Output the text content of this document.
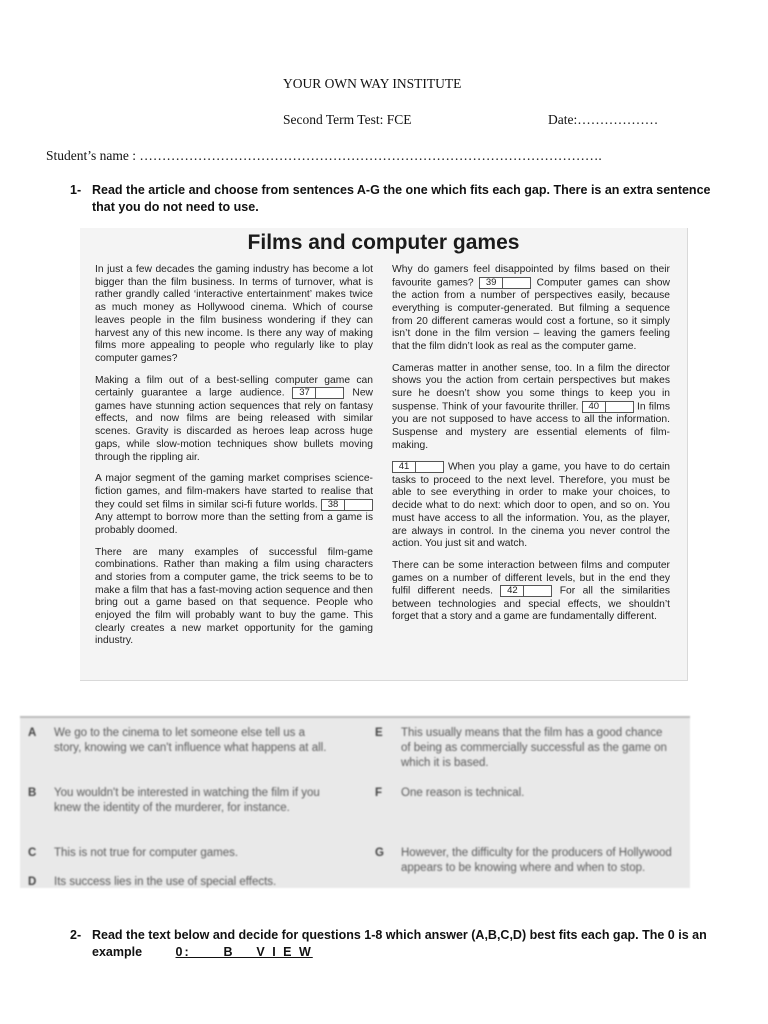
YOUR OWN WAY INSTITUTE
Second Term Test: FCE	Date:………………
Student’s name : ………………………………………………………………………………………….
1- Read the article and choose from sentences A-G the one which fits each gap. There is an extra sentence that you do not need to use.
Films and computer games

In just a few decades the gaming industry has become a lot bigger than the film business. In terms of turnover, what is rather grandly called ‘interactive entertainment’ makes twice as much money as Hollywood cinema. Which of course leaves people in the film business wondering if they can harvest any of this new income. Is there any way of making films more appealing to people who regularly like to play computer games?

Making a film out of a best-selling computer game can certainly guarantee a large audience. 37	New games have stunning action sequences that rely on fantasy effects, and now films are being released with similar scenes. Gravity is discarded as heroes leap across huge gaps, while slow-motion techniques show bullets moving through the rippling air.

A major segment of the gaming market comprises science-fiction games, and film-makers have started to realise that they could set films in similar sci-fi future worlds. 38 Any attempt to borrow more than the setting from a game is probably doomed.

There are many examples of successful film-game combinations. Rather than making a film using characters and stories from a computer game, the trick seems to be to make a film that has a fast-moving action sequence and then bring out a game based on that sequence. People who enjoyed the film will probably want to buy the game. This clearly creates a new market opportunity for the gaming industry.

Why do gamers feel disappointed by films based on their favourite games? 39	Computer games can show the action from a number of perspectives easily, because everything is computer-generated. But filming a sequence from 20 different cameras would cost a fortune, so it simply isn’t done in the film version – leaving the gamers feeling that the film didn’t look as real as the computer game.

Cameras matter in another sense, too. In a film the director shows you the action from certain perspectives but makes sure he doesn’t show you some things to keep you in suspense. Think of your favourite thriller. 40	In films you are not supposed to have access to all the information. Suspense and mystery are essential elements of film-making.

41	When you play a game, you have to do certain tasks to proceed to the next level. Therefore, you must be able to see everything in order to make your choices, to decide what to do next: which door to open, and so on. You must have access to all the information. You, as the player, are always in control. In the cinema you never control the action. You just sit and watch.

There can be some interaction between films and computer games on a number of different levels, but in the end they fulfil different needs. 42	For all the similarities between technologies and special effects, we shouldn’t forget that a story and a game are fundamentally different.

A We go to the cinema to let someone else tell us a story, knowing we can't influence what happens at all.
B You wouldn't be interested in watching the film if you knew the identity of the murderer, for instance.
C This is not true for computer games.
D Its success lies in the use of special effects.
E This usually means that the film has a good chance of being as commercially successful as the game on which it is based.
F One reason is technical.
G However, the difficulty for the producers of Hollywood appears to be knowing where and when to stop.
2- Read the text below and decide for questions 1-8 which answer (A,B,C,D) best fits each gap. The 0 is an
example	0:      B    V I E W
